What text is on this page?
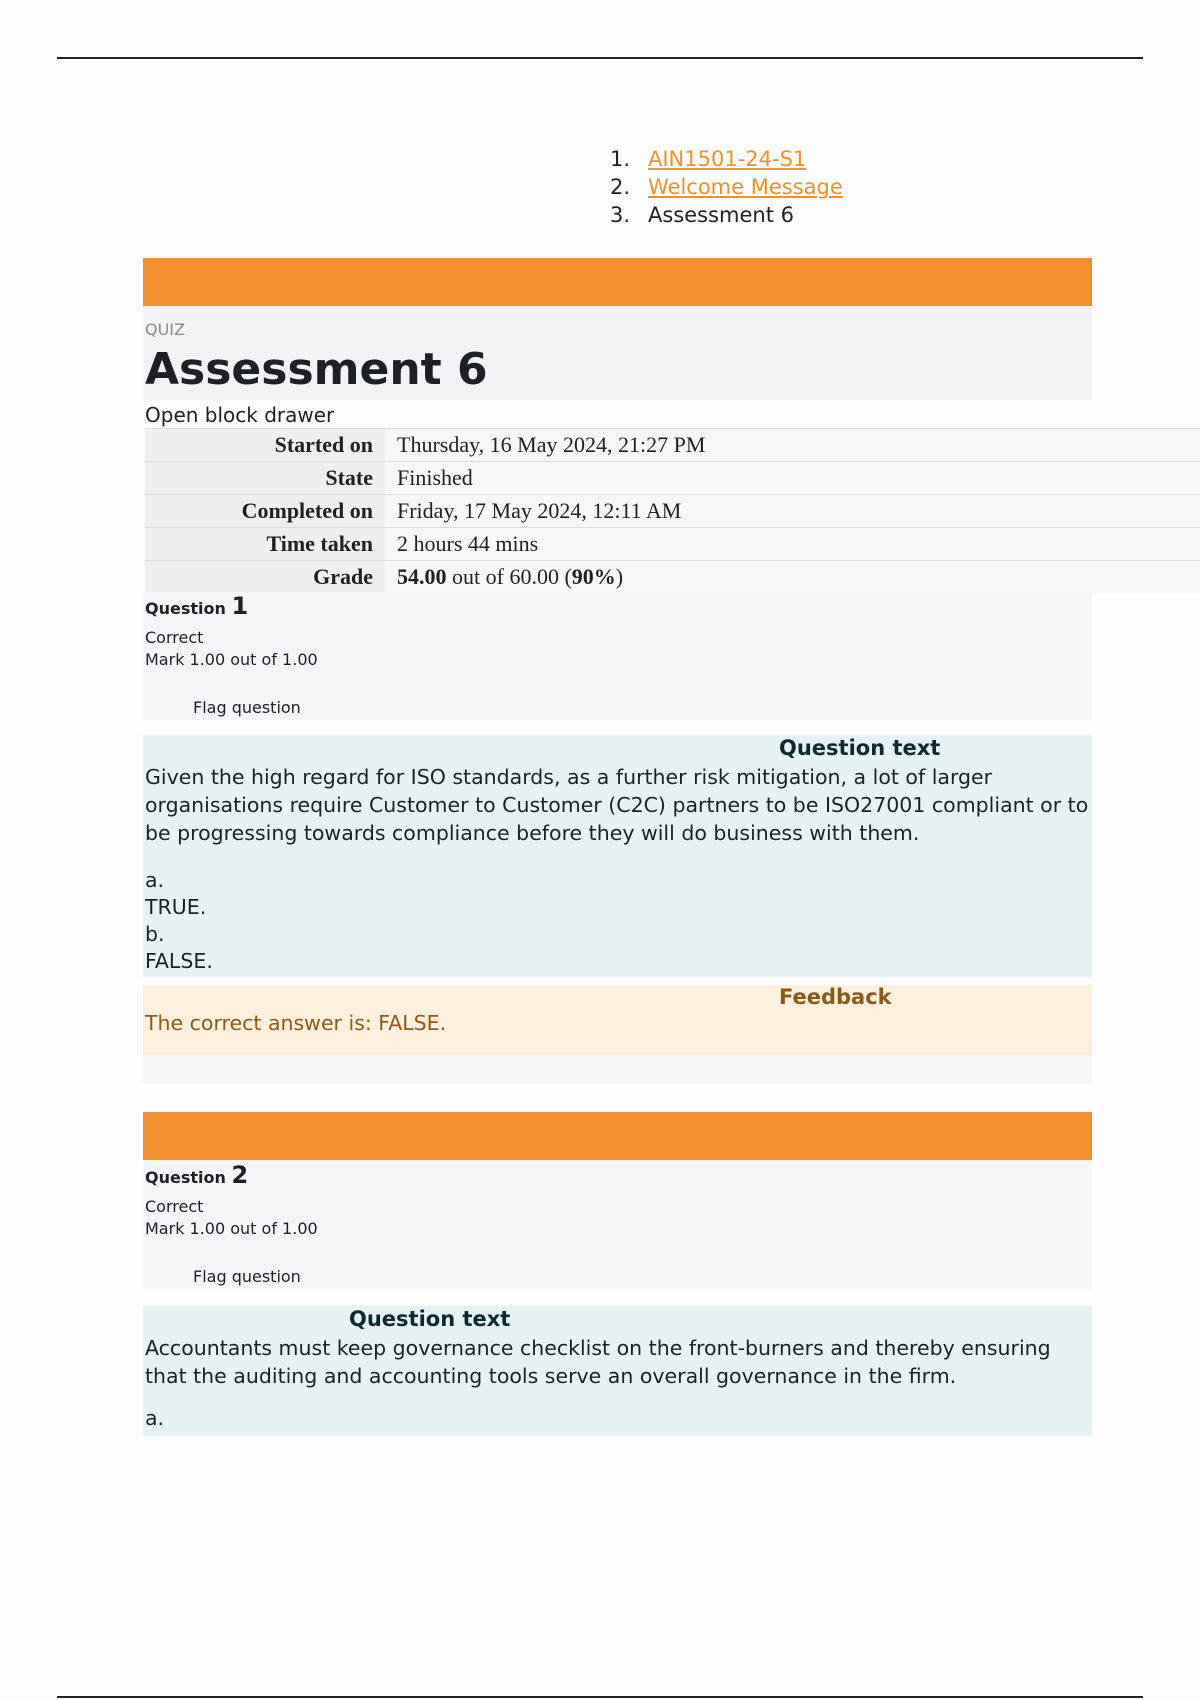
1. AIN1501-24-S1
2. Welcome Message
3. Assessment 6
QUIZ
Assessment 6
Open block drawer
Started on	Thursday, 16 May 2024, 21:27 PM
State	Finished
Completed on	Friday, 17 May 2024, 12:11 AM
Time taken	2 hours 44 mins
Grade	54.00 out of 60.00 (90%)
Question 1
Correct
Mark 1.00 out of 1.00
Flag question
Question text
Given the high regard for ISO standards, as a further risk mitigation, a lot of larger organisations require Customer to Customer (C2C) partners to be ISO27001 compliant or to be progressing towards compliance before they will do business with them.
a.
TRUE.
b.
FALSE.
Feedback
The correct answer is: FALSE.
Question 2
Correct
Mark 1.00 out of 1.00
Flag question
Question text
Accountants must keep governance checklist on the front-burners and thereby ensuring that the auditing and accounting tools serve an overall governance in the firm.
a.
